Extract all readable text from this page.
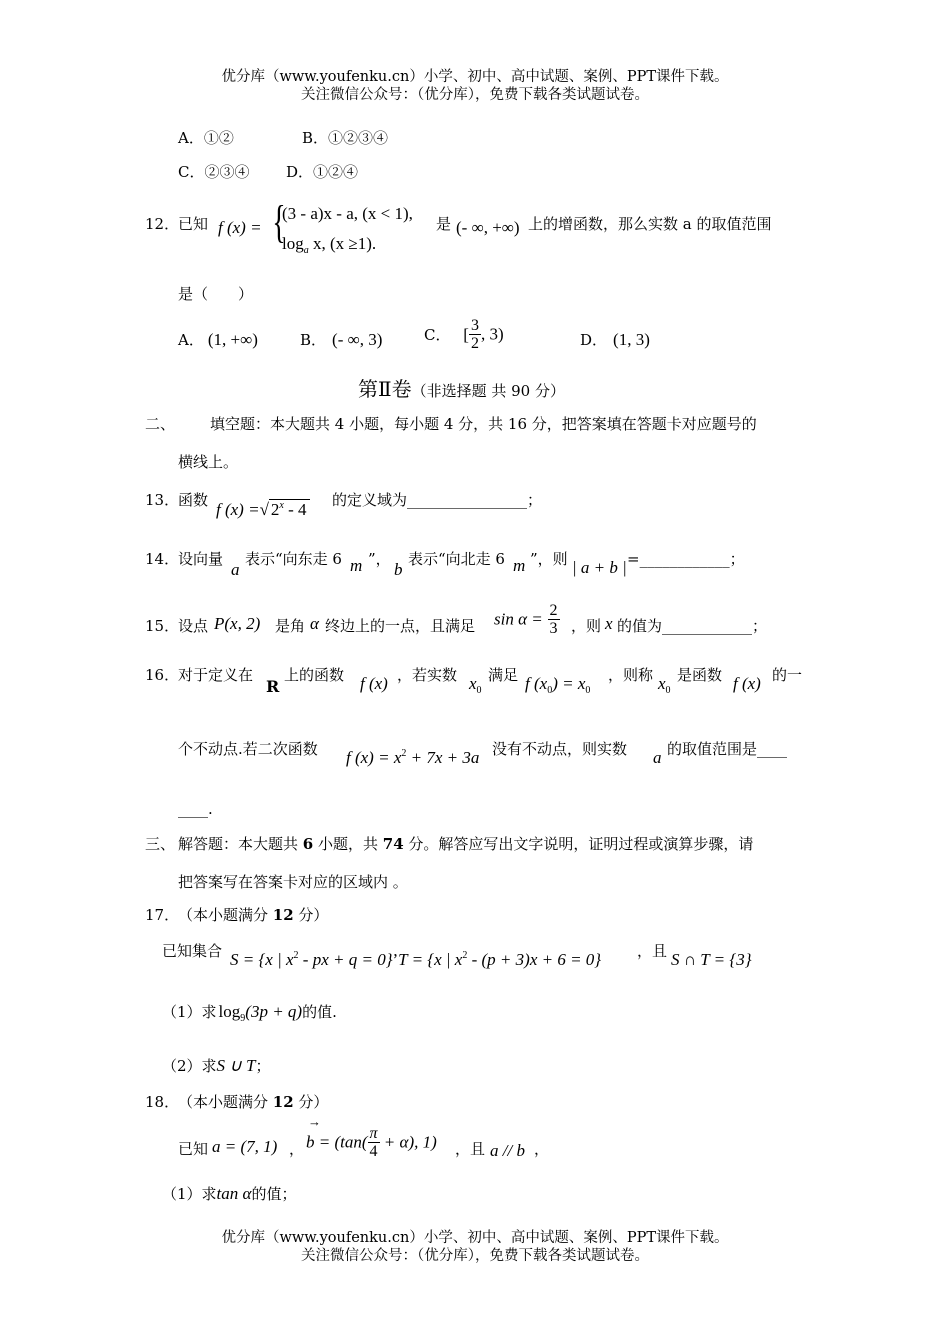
优分库（www.youfenku.cn）小学、初中、高中试题、案例、PPT课件下载。
关注微信公众号：（优分库），免费下载各类试题试卷。
A．①②	B．①②③④
C．②③④ D．①②④
12．
已知 f (x) = {
(3 - a)x - a, (x < 1),
$\log_a x$, (x ≥1).
是 (- ∞, +∞) 上的增函数，那么实数 a 的取值范围
是（　　）
A． (1, +∞)	B． (- ∞, 3)	C． [ $\frac{3}{2}$ , 3)	D． (1, 3)
第Ⅱ卷（非选择题 共 90 分）
二、 填空题：本大题共 4 小题，每小题 4 分，共 16 分，把答案填在答题卡对应题号的
横线上。
13．
函数 f (x) =√ 2$^x$ - 4 的定义域为________________；
14．
设向量
a
表示“向东走 6 m ”，
b
表示“向北走 6 m ”，则 | a + b | =____________；
15．
设点 P(x, 2) 是角 α 终边上的一点，且满足 $\sin \alpha = \frac{2}{3}$ ，则 x 的值为____________；
16．
对于定义在
R
上的函数 f (x) ，若实数 $x_0$
满足 f $(x_0) = x_0$
，则称 $x_0$
是函数 f (x) 的一
个不动点.若二次函数 f $(x) = x^2 + 7x + 3a$ 没有不动点，则实数 a 的取值范围是____
____.
三、 解答题：本大题共 6 小题，共 74 分。解答应写出文字说明，证明过程或演算步骤，请
把答案写在答案卡对应的区域内 。
17．
（本小题满分 12 分）
已知集合 S = {x | $x^2$ - px + q = 0}’T = {x | $x^2 - (p + 3)x + 6 = 0$} ，且 S ∩ T = {3}
（1）求 $\log_9(3p + q)$的值.
（2）求S ∪ T；
18．
（本小题满分 12 分）
已知 a = (7, 1) ，
→
$b = (\tan( \frac{\pi}{4} + \alpha)$, 1) ，且 a // b ，
（1）求tan α的值；
优分库（www.youfenku.cn）小学、初中、高中试题、案例、PPT课件下载。
关注微信公众号：（优分库），免费下载各类试题试卷。
